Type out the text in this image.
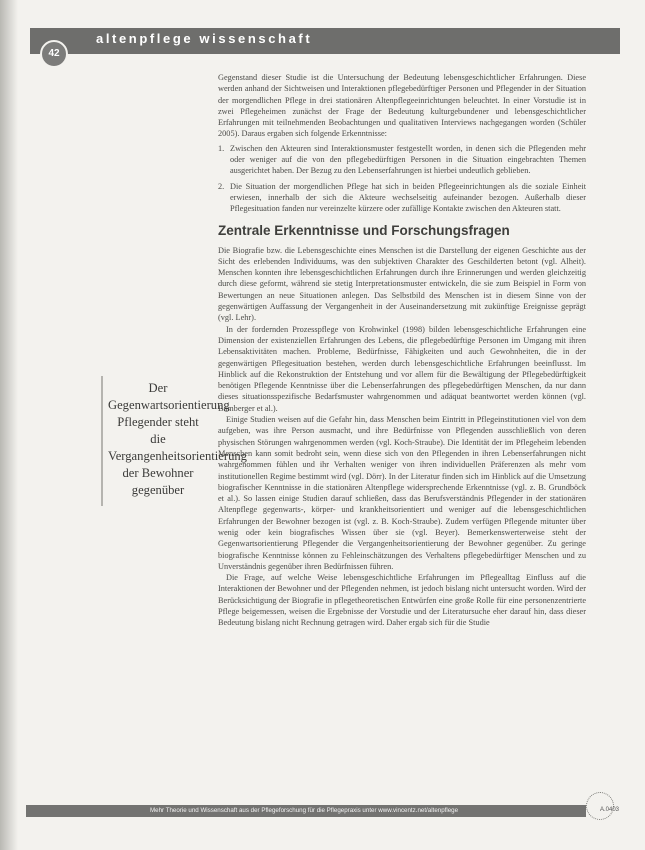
42
altenpflege wissenschaft

Gegenstand dieser Studie ist die Untersuchung der Bedeutung lebensgeschichtlicher Erfahrungen. Diese werden anhand der Sichtweisen und Interaktionen pflegebedürftiger Personen und Pflegender in der Situation der morgendlichen Pflege in drei stationären Altenpflegeeinrichtungen beleuchtet. In einer Vorstudie ist in zwei Pflegeheimen zunächst der Frage der Bedeutung kulturgebundener und lebensgeschichtlicher Erfahrungen mit teilnehmenden Beobachtungen und qualitativen Interviews nachgegangen worden (Schüler 2005). Daraus ergaben sich folgende Erkenntnisse:

1. Zwischen den Akteuren sind Interaktionsmuster festgestellt worden, in denen sich die Pflegenden mehr oder weniger auf die von den pflegebedürftigen Personen in die Situation eingebrachten Themen ausgerichtet haben. Der Bezug zu den Lebenserfahrungen ist hierbei undeutlich geblieben.
2. Die Situation der morgendlichen Pflege hat sich in beiden Pflegeeinrichtungen als die soziale Einheit erwiesen, innerhalb der sich die Akteure wechselseitig aufeinander bezogen. Außerhalb dieser Pflegesituation fanden nur vereinzelte kürzere oder zufällige Kontakte zwischen den Akteuren statt.
Zentrale Erkenntnisse und Forschungsfragen

Die Biografie bzw. die Lebensgeschichte eines Menschen ist die Darstellung der eigenen Geschichte aus der Sicht des erlebenden Individuums, was den subjektiven Charakter des Geschilderten betont (vgl. Alheit). Menschen konnten ihre lebensgeschichtlichen Erfahrungen durch ihre Erinnerungen und werden gleichzeitig durch diese geformt, während sie stetig Interpretationsmuster entwickeln, die sie zum Beispiel in Form von Bewertungen an neue Situationen anlegen. Das Selbstbild des Menschen ist in diesem Sinne von der gegenwärtigen Auffassung der Vergangenheit in der Auseinandersetzung mit zukünftige Ereignisse geprägt (vgl. Lehr).

In der fordernden Prozesspflege von Krohwinkel (1998) bilden lebensgeschichtliche Erfahrungen eine Dimension der existenziellen Erfahrungen des Lebens, die pflegebedürftige Personen im Umgang mit ihren Lebensaktivitäten machen. Probleme, Bedürfnisse, Fähigkeiten und auch Gewohnheiten, die in der gegenwärtigen Pflegesituation bestehen, werden durch lebensgeschichtliche Erfahrungen beeinflusst. Im Hinblick auf die Rekonstruktion der Entstehung und vor allem für die Bewältigung der Pflegebedürftigkeit benötigen Pflegende Kenntnisse über die Lebenserfahrungen des pflegebedürftigen Menschen, da nur dann dieses situationsspezifische Bedarfsmuster wahrgenommen und adäquat beantwortet werden können (vgl. Bamberger et al.).

Einige Studien weisen auf die Gefahr hin, dass Menschen beim Eintritt in Pflegeinstitutionen viel von dem aufgeben, was ihre Person ausmacht, und ihre Bedürfnisse von Pflegenden ausschließlich von deren physischen Störungen wahrgenommen werden (vgl. Koch-Straube). Die Identität der im Pflegeheim lebenden Menschen kann somit bedroht sein, wenn diese sich von den Pflegenden in ihren Lebenserfahrungen nicht wahrgenommen fühlen und ihr Verhalten weniger von ihren individuellen Präferenzen als mehr vom institutionellen Regime bestimmt wird (vgl. Dörr). In der Literatur finden sich im Hinblick auf die Umsetzung biografischer Kenntnisse in die stationären Altenpflege widersprechende Erkenntnisse (vgl. z. B. Grundböck et al.). So lassen einige Studien darauf schließen, dass das Berufsverständnis Pflegender in der stationären Altenpflege gegenwarts-, körper- und krankheitsorientiert und weniger auf die lebensgeschichtlichen Erfahrungen der Bewohner bezogen ist (vgl. z. B. Koch-Straube). Zudem verfügen Pflegende mitunter über wenig oder kein biografisches Wissen über sie (vgl. Beyer). Bemerkenswerterweise steht der Gegenwartsorientierung Pflegender die Vergangenheitsorientierung der Bewohner gegenüber. Zu geringe biografische Kenntnisse können zu Fehleinschätzungen des Verhaltens pflegebedürftiger Menschen und zu Unverständnis gegenüber ihren Bedürfnissen führen.

Die Frage, auf welche Weise lebensgeschichtliche Erfahrungen im Pflegealltag Einfluss auf die Interaktionen der Bewohner und der Pflegenden nehmen, ist jedoch bislang nicht untersucht worden. Wird der Berücksichtigung der Biografie in pflegetheoretischen Entwürfen eine große Rolle für eine personenzentrierte Pflege beigemessen, weisen die Ergebnisse der Vorstudie und der Literatursuche eher darauf hin, dass dieser Bedeutung bislang nicht Rechnung getragen wird. Daher ergab sich für die Studie

Der Gegenwartsorientierung Pflegender steht die Vergangenheitsorientierung der Bewohner gegenüber
Mehr Theorie und Wissenschaft aus der Pflegeforschung für die Pflegepraxis unter www.vincentz.net/altenpflege	A.0403
